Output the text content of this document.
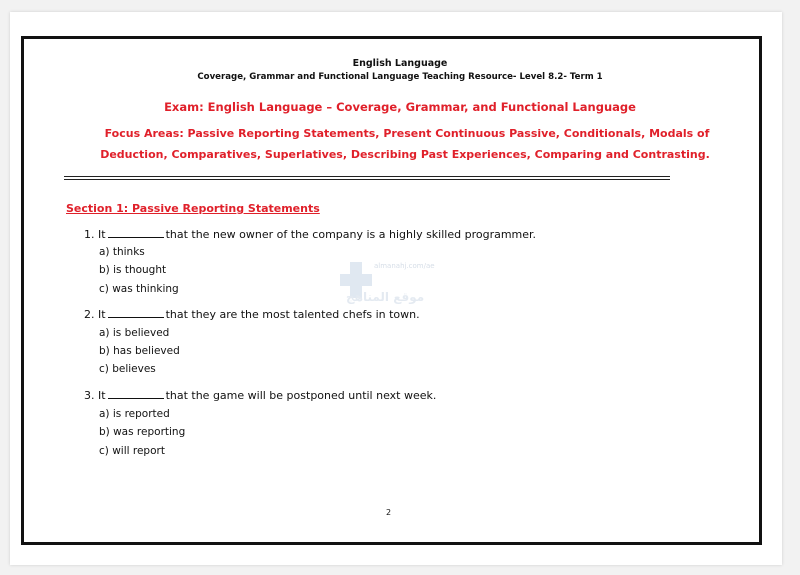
English Language
Coverage, Grammar and Functional Language Teaching Resource- Level 8.2- Term 1
Exam: English Language – Coverage, Grammar, and Functional Language
Focus Areas: Passive Reporting Statements, Present Continuous Passive, Conditionals, Modals of
Deduction, Comparatives, Superlatives, Describing Past Experiences, Comparing and Contrasting.
Section 1: Passive Reporting Statements
almanahj.com/ae
موقع المناهج
1. It	that the new owner of the company is a highly skilled programmer.
a) thinks
b) is thought
c) was thinking
2. It	that they are the most talented chefs in town.
a) is believed
b) has believed
c) believes
3. It	that the game will be postponed until next week.
a) is reported
b) was reporting
c) will report
2
